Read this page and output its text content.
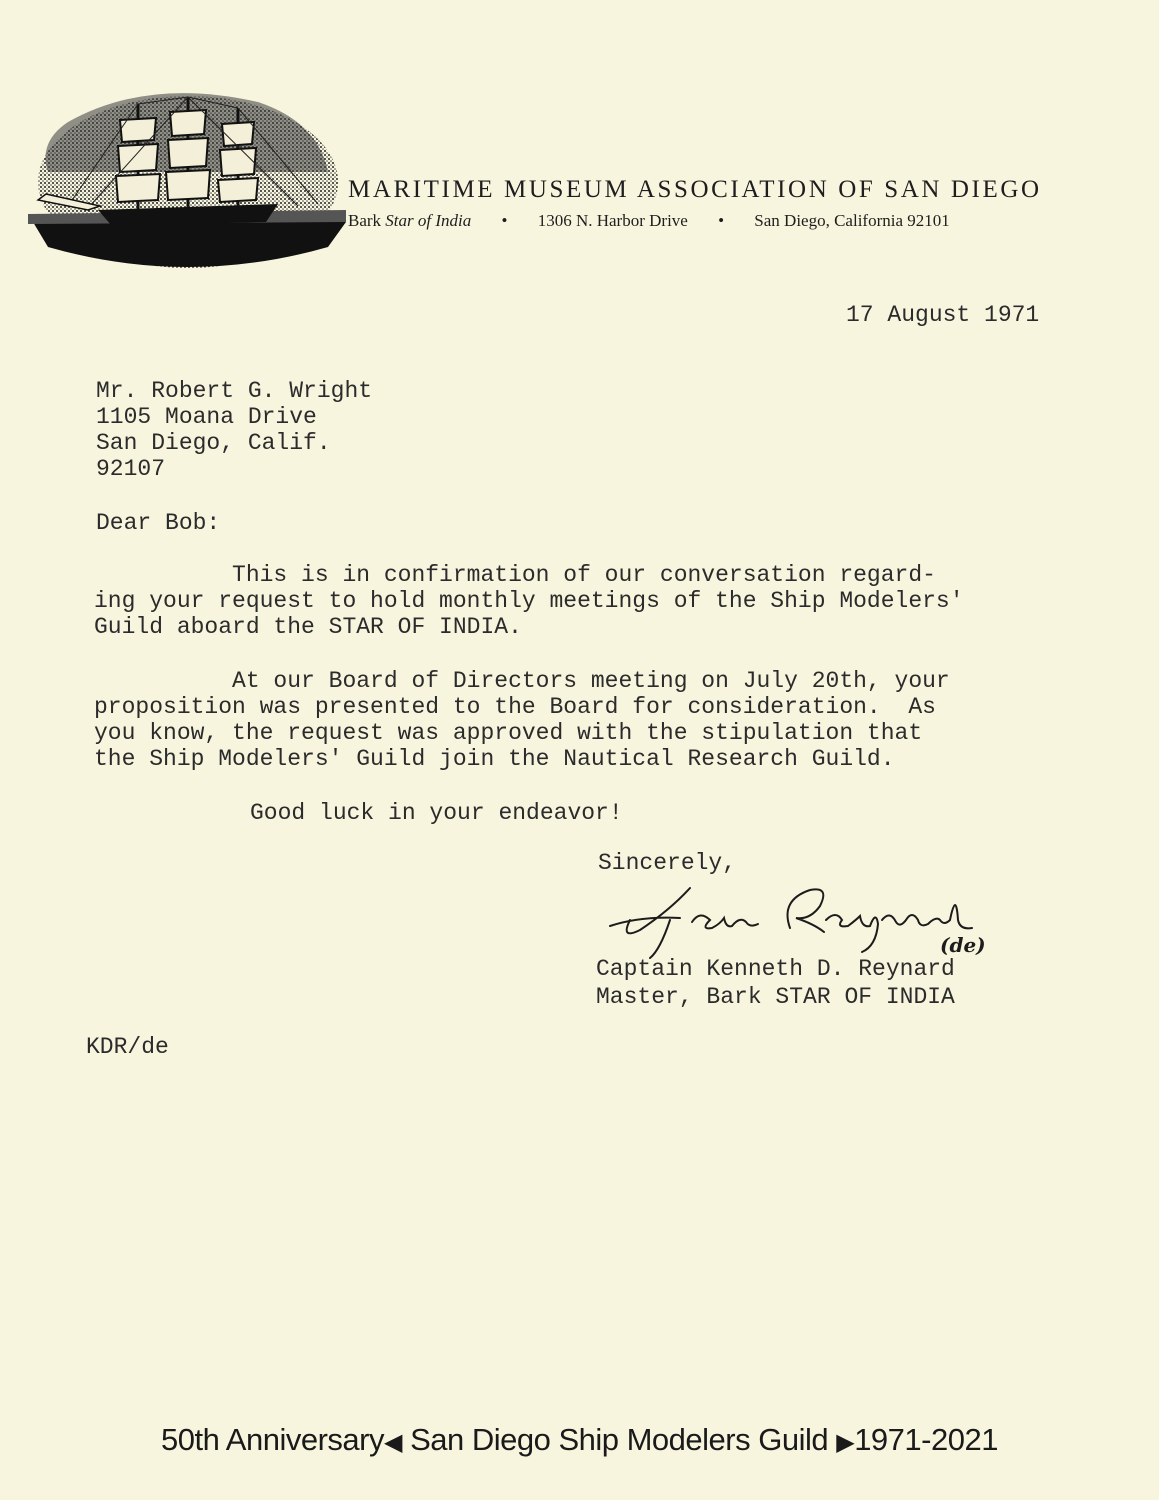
MARITIME MUSEUM ASSOCIATION OF SAN DIEGO
Bark Star of India • 1306 N. Harbor Drive • San Diego, California 92101
17 August 1971
Mr. Robert G. Wright
1105 Moana Drive
San Diego, Calif.
92107
Dear Bob:
This is in confirmation of our conversation regard-
ing your request to hold monthly meetings of the Ship Modelers'
Guild aboard the STAR OF INDIA.
At our Board of Directors meeting on July 20th, your
proposition was presented to the Board for consideration.  As
you know, the request was approved with the stipulation that
the Ship Modelers' Guild join the Nautical Research Guild.
Good luck in your endeavor!
Sincerely,
(de)
Captain Kenneth D. Reynard
Master, Bark STAR OF INDIA
KDR/de
50th Anniversary◀ San Diego Ship Modelers Guild ▶1971-2021
